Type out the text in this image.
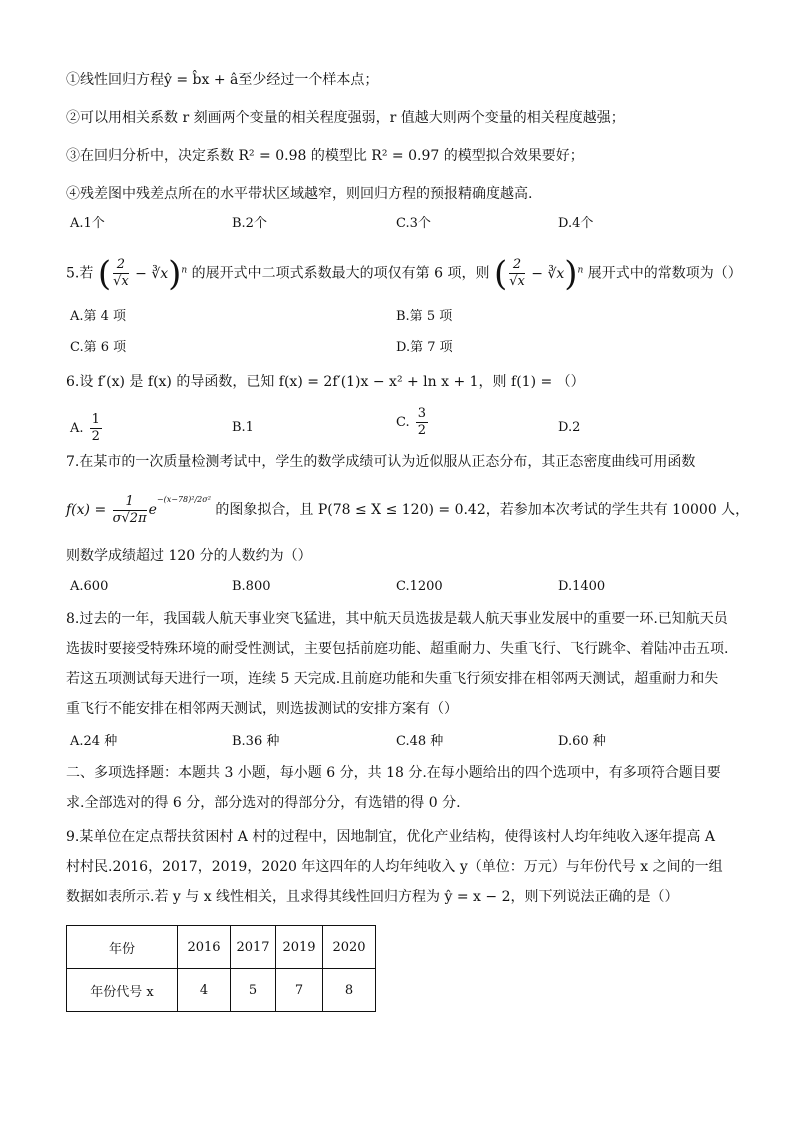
①线性回归方程ŷ = b̂x + â至少经过一个样本点；
②可以用相关系数 r 刻画两个变量的相关程度强弱，r 值越大则两个变量的相关程度越强；
③在回归分析中，决定系数 R² = 0.98 的模型比 R² = 0.97 的模型拟合效果要好；
④残差图中残差点所在的水平带状区域越窄，则回归方程的预报精确度越高.
A.1个	B.2个	C.3个	D.4个
5.若 ( $\frac{2}{√x}$ − ∛x)$^n$ 的展开式中二项式系数最大的项仅有第 6 项，则 ( $\frac{2}{√x}$ − ∛x)$^n$ 展开式中的常数项为（）
A.第 4 项	B.第 5 项
C.第 6 项	D.第 7 项
6.设 f′(x) 是 f(x) 的导函数，已知 f(x) = 2f′(1)x − x² + ln x + 1，则 f(1) = （）
A. $\frac{1}{2}$	B.1	C. $\frac{3}{2}$	D.2
7.在某市的一次质量检测考试中，学生的数学成绩可认为近似服从正态分布，其正态密度曲线可用函数
$f(x) = \frac{1}{\sigma√2\pi} e^{-(x-78)^2/2\sigma^2}$ 的图象拟合，且 P(78 ≤ X ≤ 120) = 0.42，若参加本次考试的学生共有 10000 人，
则数学成绩超过 120 分的人数约为（）
A.600	B.800	C.1200	D.1400
8.过去的一年，我国载人航天事业突飞猛进，其中航天员选拔是载人航天事业发展中的重要一环.已知航天员选拔时要接受特殊环境的耐受性测试，主要包括前庭功能、超重耐力、失重飞行、飞行跳伞、着陆冲击五项.若这五项测试每天进行一项，连续 5 天完成.且前庭功能和失重飞行须安排在相邻两天测试，超重耐力和失重飞行不能安排在相邻两天测试，则选拔测试的安排方案有（）
A.24 种	B.36 种	C.48 种	D.60 种
二、多项选择题：本题共 3 小题，每小题 6 分，共 18 分.在每小题给出的四个选项中，有多项符合题目要求.全部选对的得 6 分，部分选对的得部分分，有选错的得 0 分.
9.某单位在定点帮扶贫困村 A 村的过程中，因地制宜，优化产业结构，使得该村人均年纯收入逐年提高 A 村村民.2016，2017，2019，2020 年这四年的人均年纯收入 y（单位：万元）与年份代号 x 之间的一组数据如表所示.若 y 与 x 线性相关，且求得其线性回归方程为 ŷ = x − 2，则下列说法正确的是（）
年份	2016	2017	2019	2020
年份代号 x	4	5	7	8
